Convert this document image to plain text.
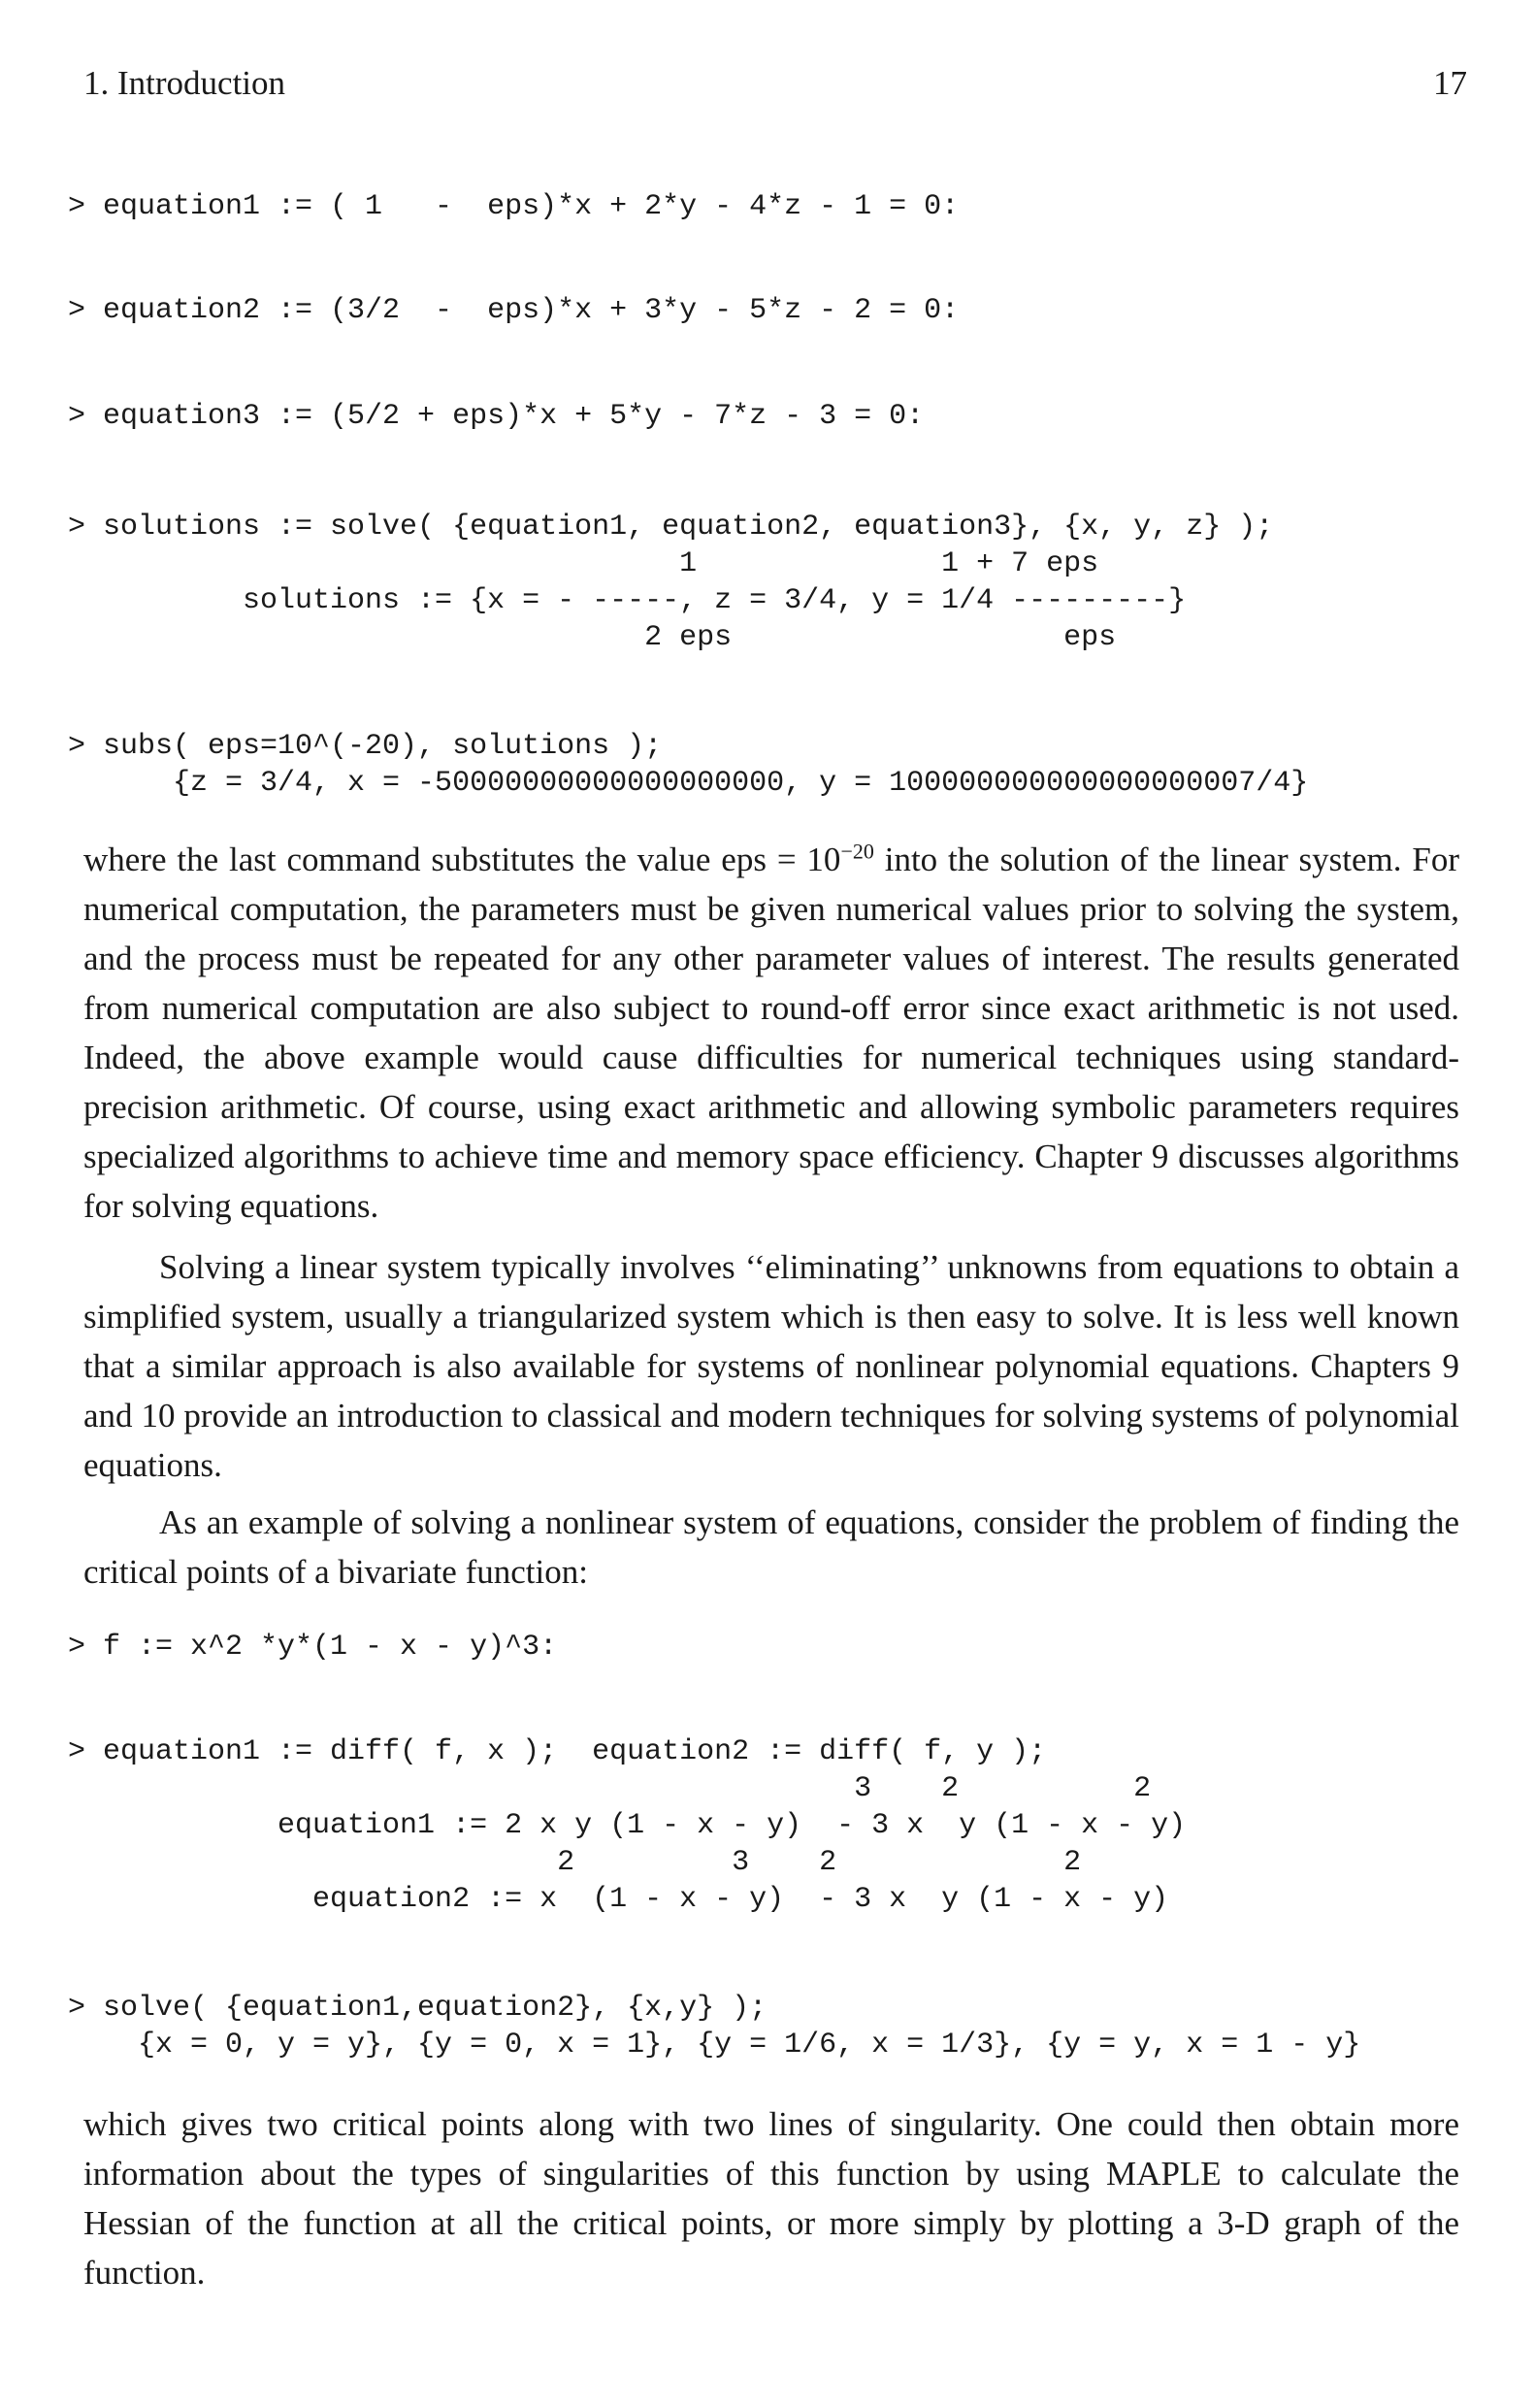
1. Introduction	17
> equation1 := ( 1   -  eps)*x + 2*y - 4*z - 1 = 0:
> equation2 := (3/2  -  eps)*x + 3*y - 5*z - 2 = 0:
> equation3 := (5/2 + eps)*x + 5*y - 7*z - 3 = 0:
> solutions := solve( {equation1, equation2, equation3}, {x, y, z} );
1              1 + 7 eps
solutions := {x = - -----, z = 3/4, y = 1/4 ---------}
2 eps                   eps
> subs( eps=10^(-20), solutions );
{z = 3/4, x = -50000000000000000000, y = 100000000000000000007/4}

where the last command substitutes the value eps = $10^{-20}$ into the solution of the linear system. For numerical computation, the parameters must be given numerical values prior to solving the system, and the process must be repeated for any other parameter values of interest. The results generated from numerical computation are also subject to round-off error since exact arithmetic is not used. Indeed, the above example would cause difficulties for numerical techniques using standard-precision arithmetic. Of course, using exact arithmetic and allowing symbolic parameters requires specialized algorithms to achieve time and memory space efficiency. Chapter 9 discusses algorithms for solving equations.

Solving a linear system typically involves ‘‘eliminating’’ unknowns from equations to obtain a simplified system, usually a triangularized system which is then easy to solve. It is less well known that a similar approach is also available for systems of nonlinear polynomial equations. Chapters 9 and 10 provide an introduction to classical and modern techniques for solving systems of polynomial equations.

As an example of solving a nonlinear system of equations, consider the problem of finding the critical points of a bivariate function:

> f := x^2 *y*(1 - x - y)^3:
> equation1 := diff( f, x );  equation2 := diff( f, y );
3    2          2
equation1 := 2 x y (1 - x - y)  - 3 x  y (1 - x - y)
2         3    2             2
equation2 := x  (1 - x - y)  - 3 x  y (1 - x - y)
> solve( {equation1,equation2}, {x,y} );
{x = 0, y = y}, {y = 0, x = 1}, {y = 1/6, x = 1/3}, {y = y, x = 1 - y}

which gives two critical points along with two lines of singularity. One could then obtain more information about the types of singularities of this function by using MAPLE to calculate the Hessian of the function at all the critical points, or more simply by plotting a 3-D graph of the function.
